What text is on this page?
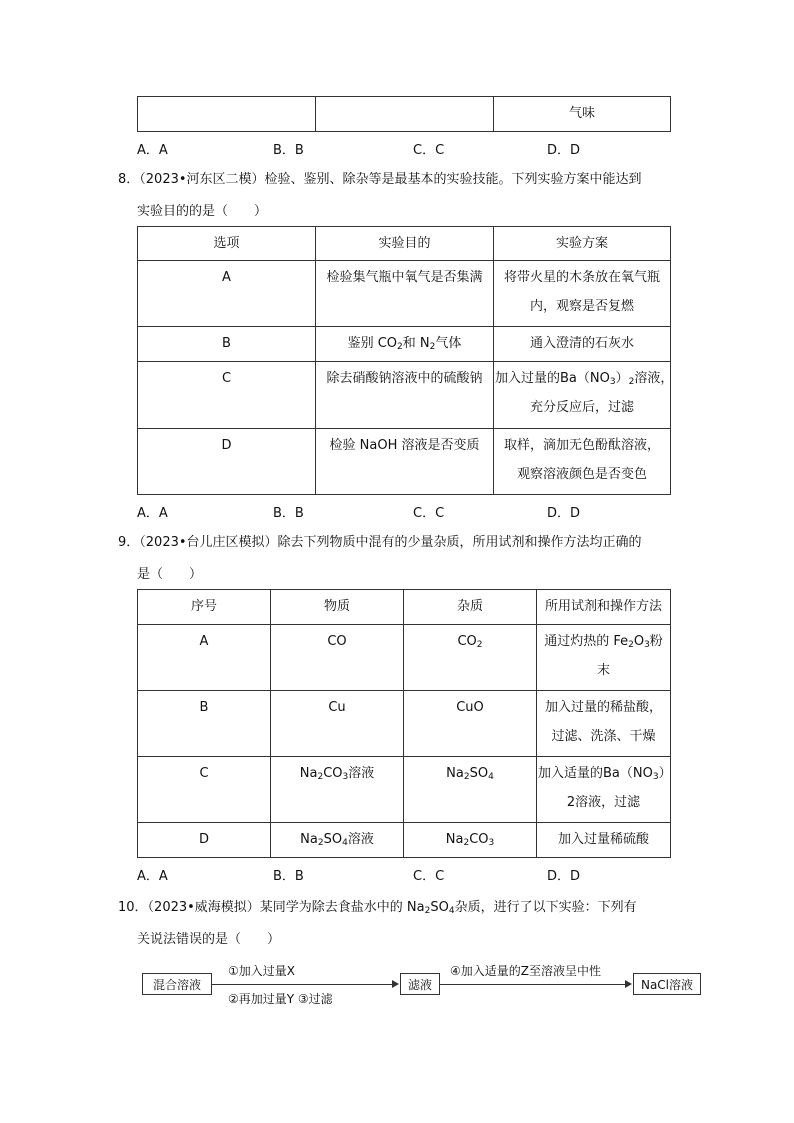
		气味
A．A	B．B	C．C	D．D
8．（2023•河东区二模）检验、鉴别、除杂等是最基本的实验技能。下列实验方案中能达到
实验目的的是（　　）
选项	实验目的	实验方案
A	检验集气瓶中氧气是否集满	将带火星的木条放在氧气瓶
内，观察是否复燃

B	鉴别 $CO_2$和 $N_2$气体	通入澄清的石灰水
C	除去硝酸钠溶液中的硫酸钠	加入过量的$Ba(NO_3)_2$溶液，
充分反应后，过滤

D	检验 NaOH 溶液是否变质	取样，滴加无色酚酞溶液，
观察溶液颜色是否变色
A．A	B．B	C．C	D．D
9．（2023•台儿庄区模拟）除去下列物质中混有的少量杂质，所用试剂和操作方法均正确的
是（　　）
序号	物质	杂质	所用试剂和操作方法
A	CO	$CO_2$	通过灼热的 $Fe_2O_3$粉
末

B	Cu	CuO	加入过量的稀盐酸，
过滤、洗涤、干燥

C	$Na_2CO_3$溶液	$Na_2SO_4$	加入适量的$Ba(NO_3)$
2溶液，过滤

D	$Na_2SO_4$溶液	$Na_2CO_3$	加入过量稀硫酸
A．A	B．B	C．C	D．D
10．（2023•威海模拟）某同学为除去食盐水中的 $Na_2SO_4$杂质，进行了以下实验：下列有
关说法错误的是（　　）
混合溶液
①加入过量X
②再加过量Y ③过滤
滤液
④加入适量的Z至溶液呈中性
NaCl溶液
